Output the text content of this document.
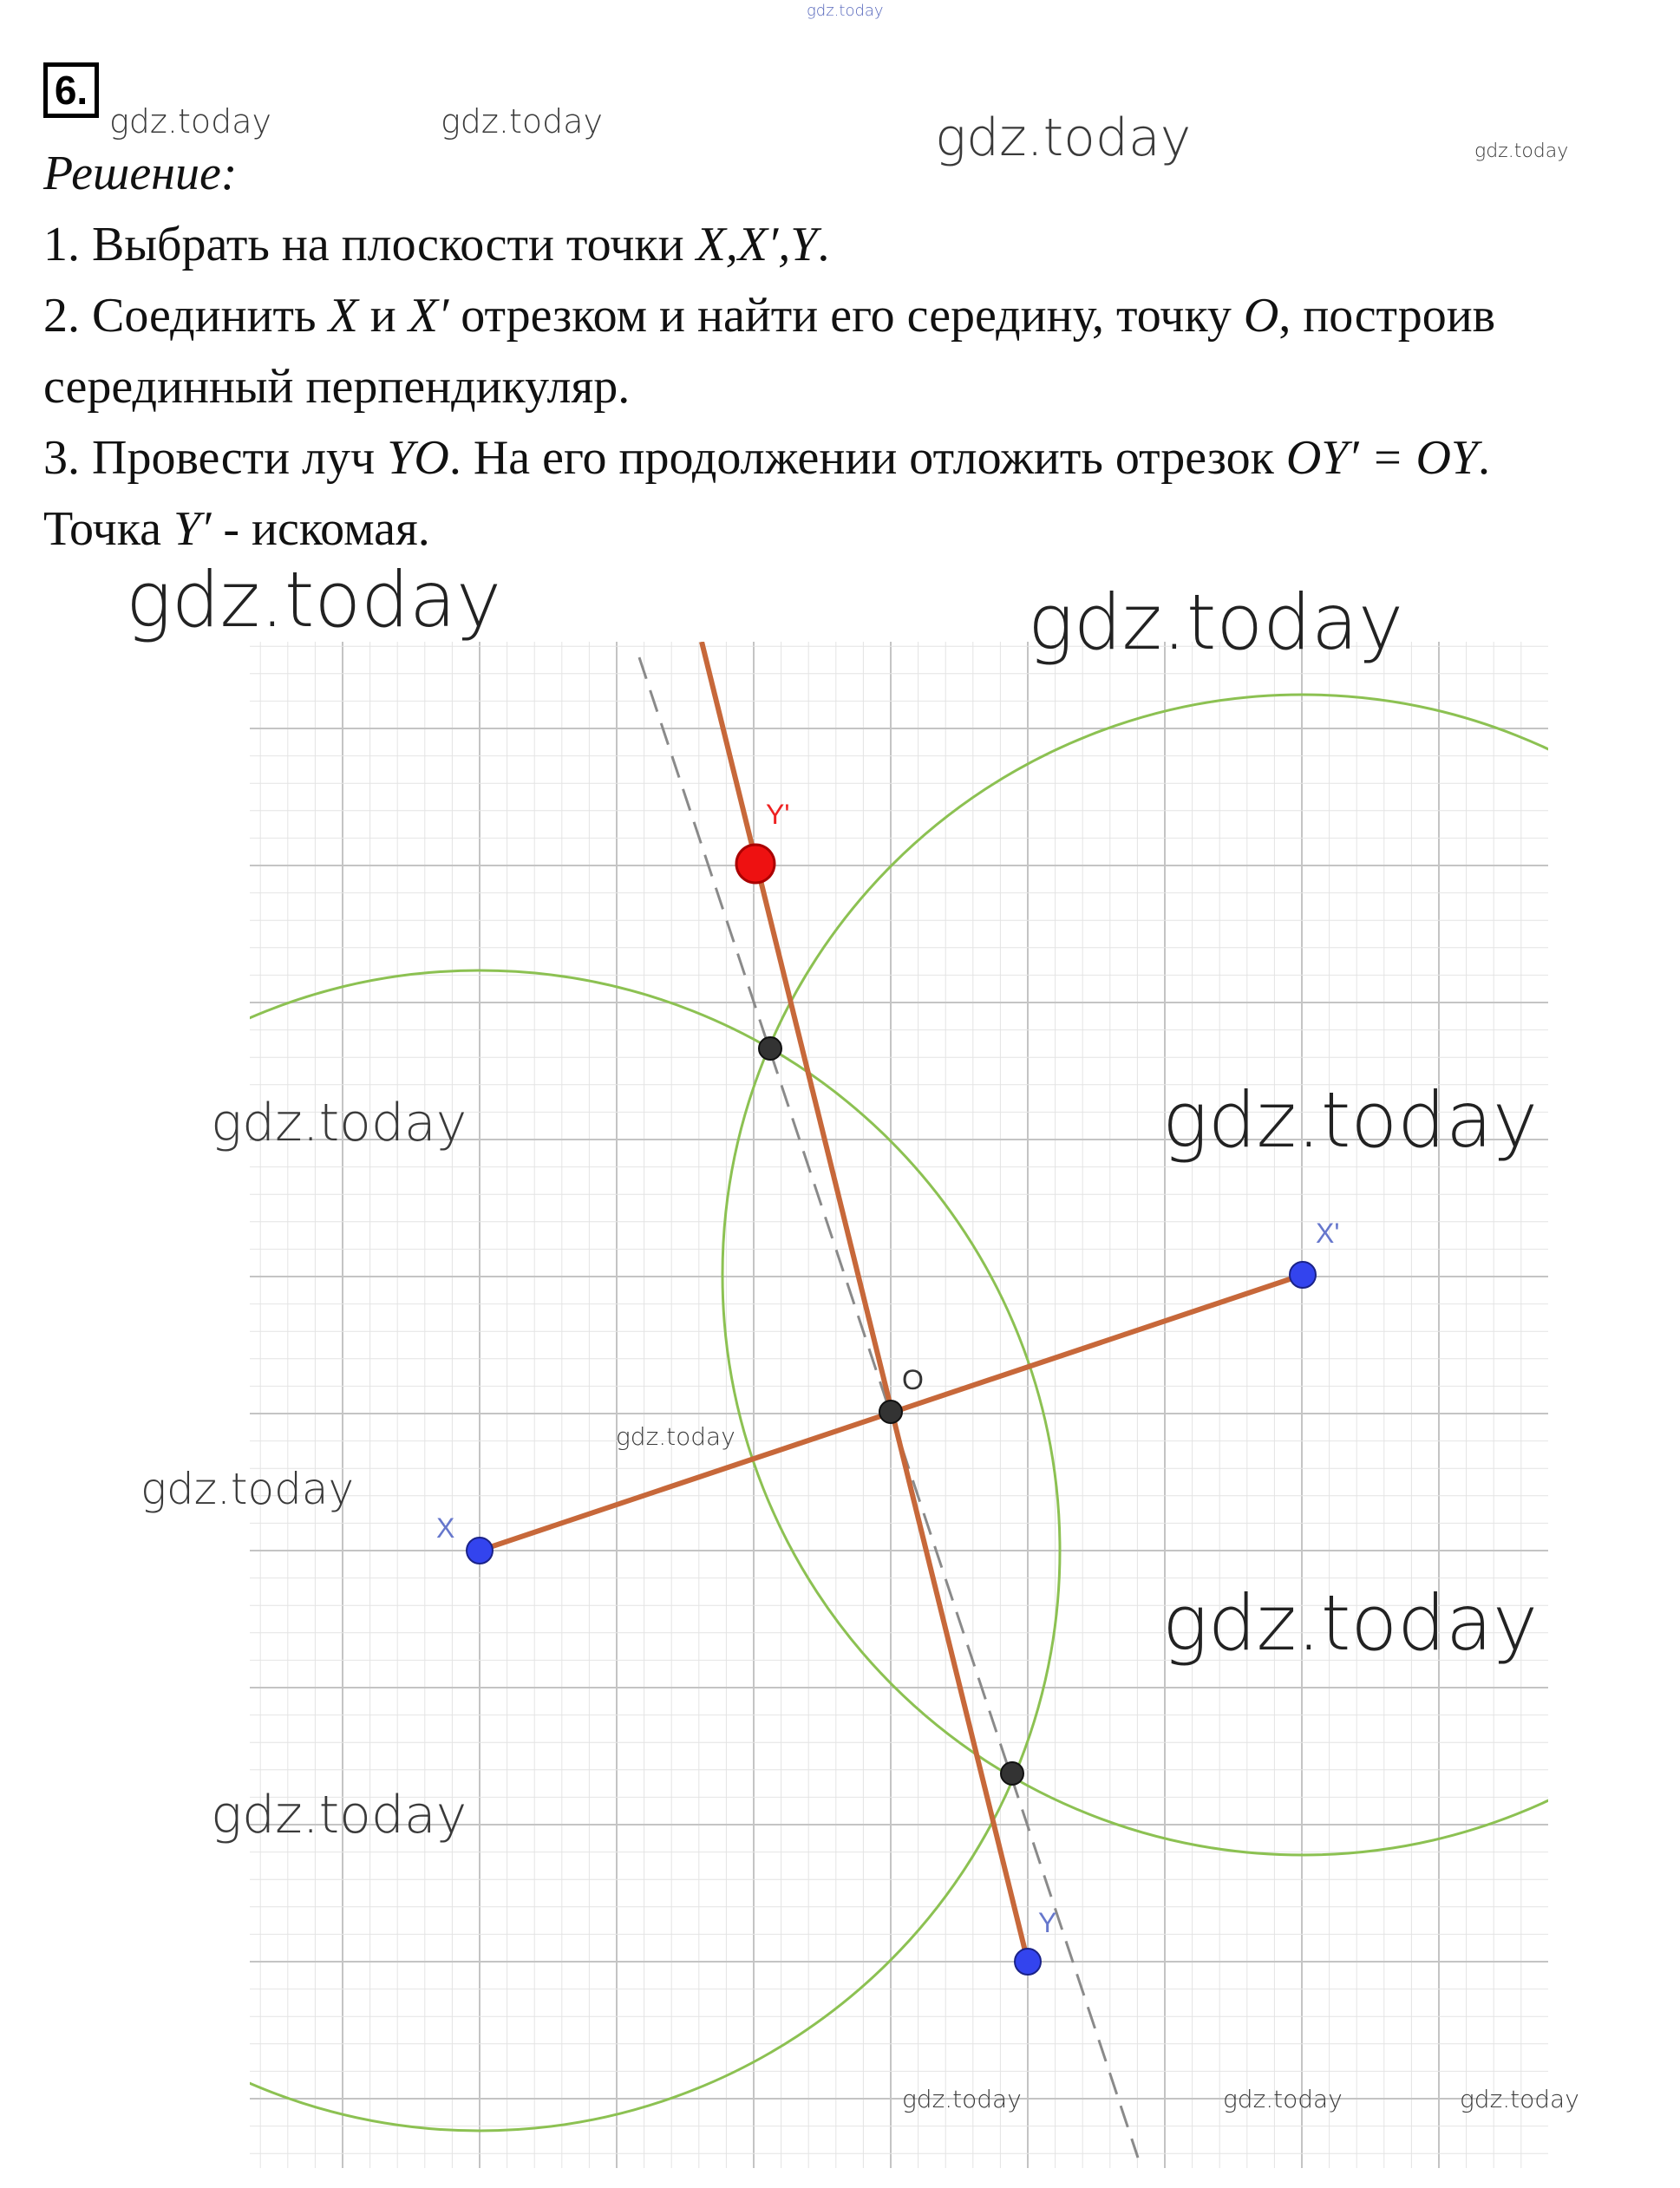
O
X
X'
Y
Y'
6.
Решение:
1. Выбрать на плоскости точки X,X′,Y.
2. Соединить X и X′ отрезком и найти его середину, точку O, построив
серединный перпендикуляр.
3. Провести луч YO. На его продолжении отложить отрезок OY′ = OY.
Точка Y′ - искомая.
gdz.today
gdz.today	gdz.today	gdz.today	gdz.today
gdz.today	gdz.today
gdz.today	gdz.today
gdz.today
gdz.today
gdz.today
gdz.today
gdz.today	gdz.today	gdz.today
